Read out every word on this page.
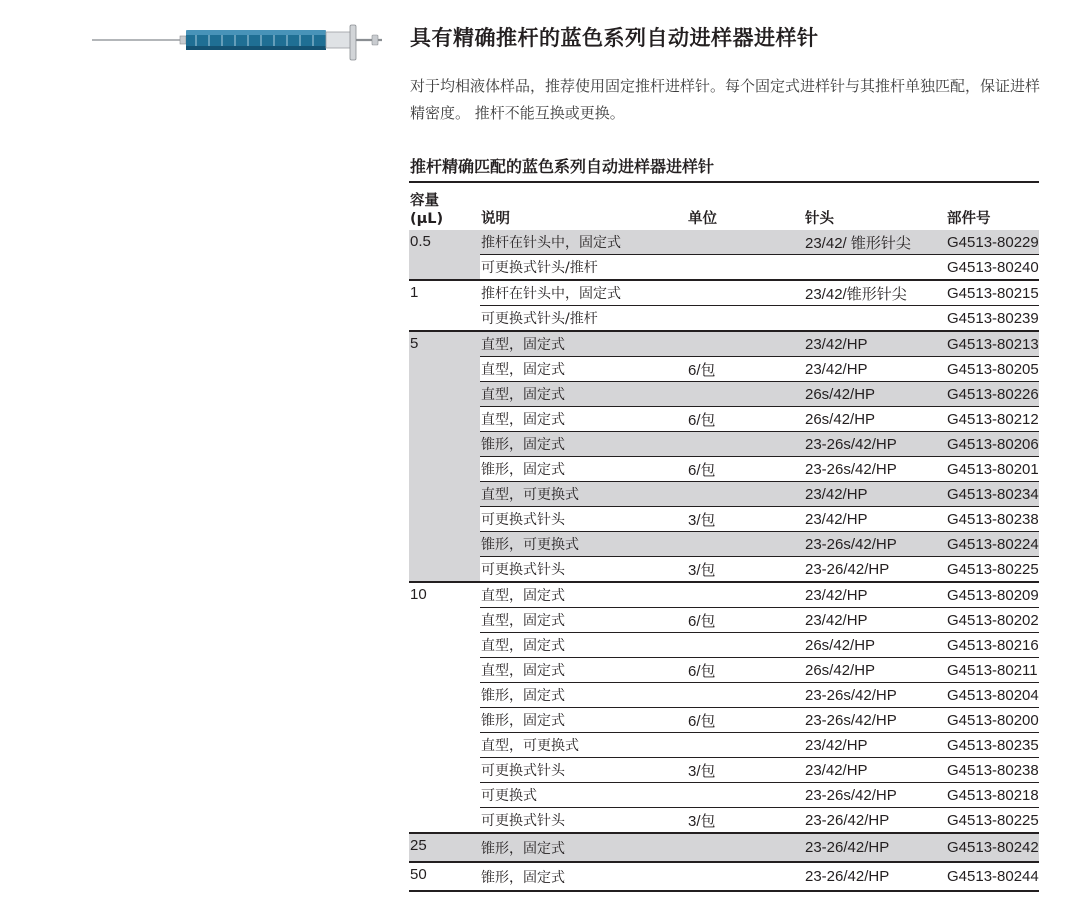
具有精确推杆的蓝色系列自动进样器进样针

对于均相液体样品，推荐使用固定推杆进样针。每个固定式进样针与其推杆单独匹配，保证进样精密度。 推杆不能互换或更换。

推杆精确匹配的蓝色系列自动进样器进样针
容量
(µL)	说明	单位	针头	部件号
0.5	推杆在针头中，固定式		23/42/ 锥形针尖	G4513-80229
	可更换式针头/推杆			G4513-80240
1	推杆在针头中，固定式		23/42/锥形针尖	G4513-80215
	可更换式针头/推杆			G4513-80239
5	直型，固定式		23/42/HP	G4513-80213
	直型，固定式	6/包	23/42/HP	G4513-80205
	直型，固定式		26s/42/HP	G4513-80226
	直型，固定式	6/包	26s/42/HP	G4513-80212
	锥形，固定式		23-26s/42/HP	G4513-80206
	锥形，固定式	6/包	23-26s/42/HP	G4513-80201
	直型，可更换式		23/42/HP	G4513-80234
	可更换式针头	3/包	23/42/HP	G4513-80238
	锥形，可更换式		23-26s/42/HP	G4513-80224
	可更换式针头	3/包	23-26/42/HP	G4513-80225
10	直型，固定式		23/42/HP	G4513-80209
	直型，固定式	6/包	23/42/HP	G4513-80202
	直型，固定式		26s/42/HP	G4513-80216
	直型，固定式	6/包	26s/42/HP	G4513-80211
	锥形，固定式		23-26s/42/HP	G4513-80204
	锥形，固定式	6/包	23-26s/42/HP	G4513-80200
	直型，可更换式		23/42/HP	G4513-80235
	可更换式针头	3/包	23/42/HP	G4513-80238
	可更换式		23-26s/42/HP	G4513-80218
	可更换式针头	3/包	23-26/42/HP	G4513-80225
25	锥形，固定式		23-26/42/HP	G4513-80242
50	锥形，固定式		23-26/42/HP	G4513-80244
